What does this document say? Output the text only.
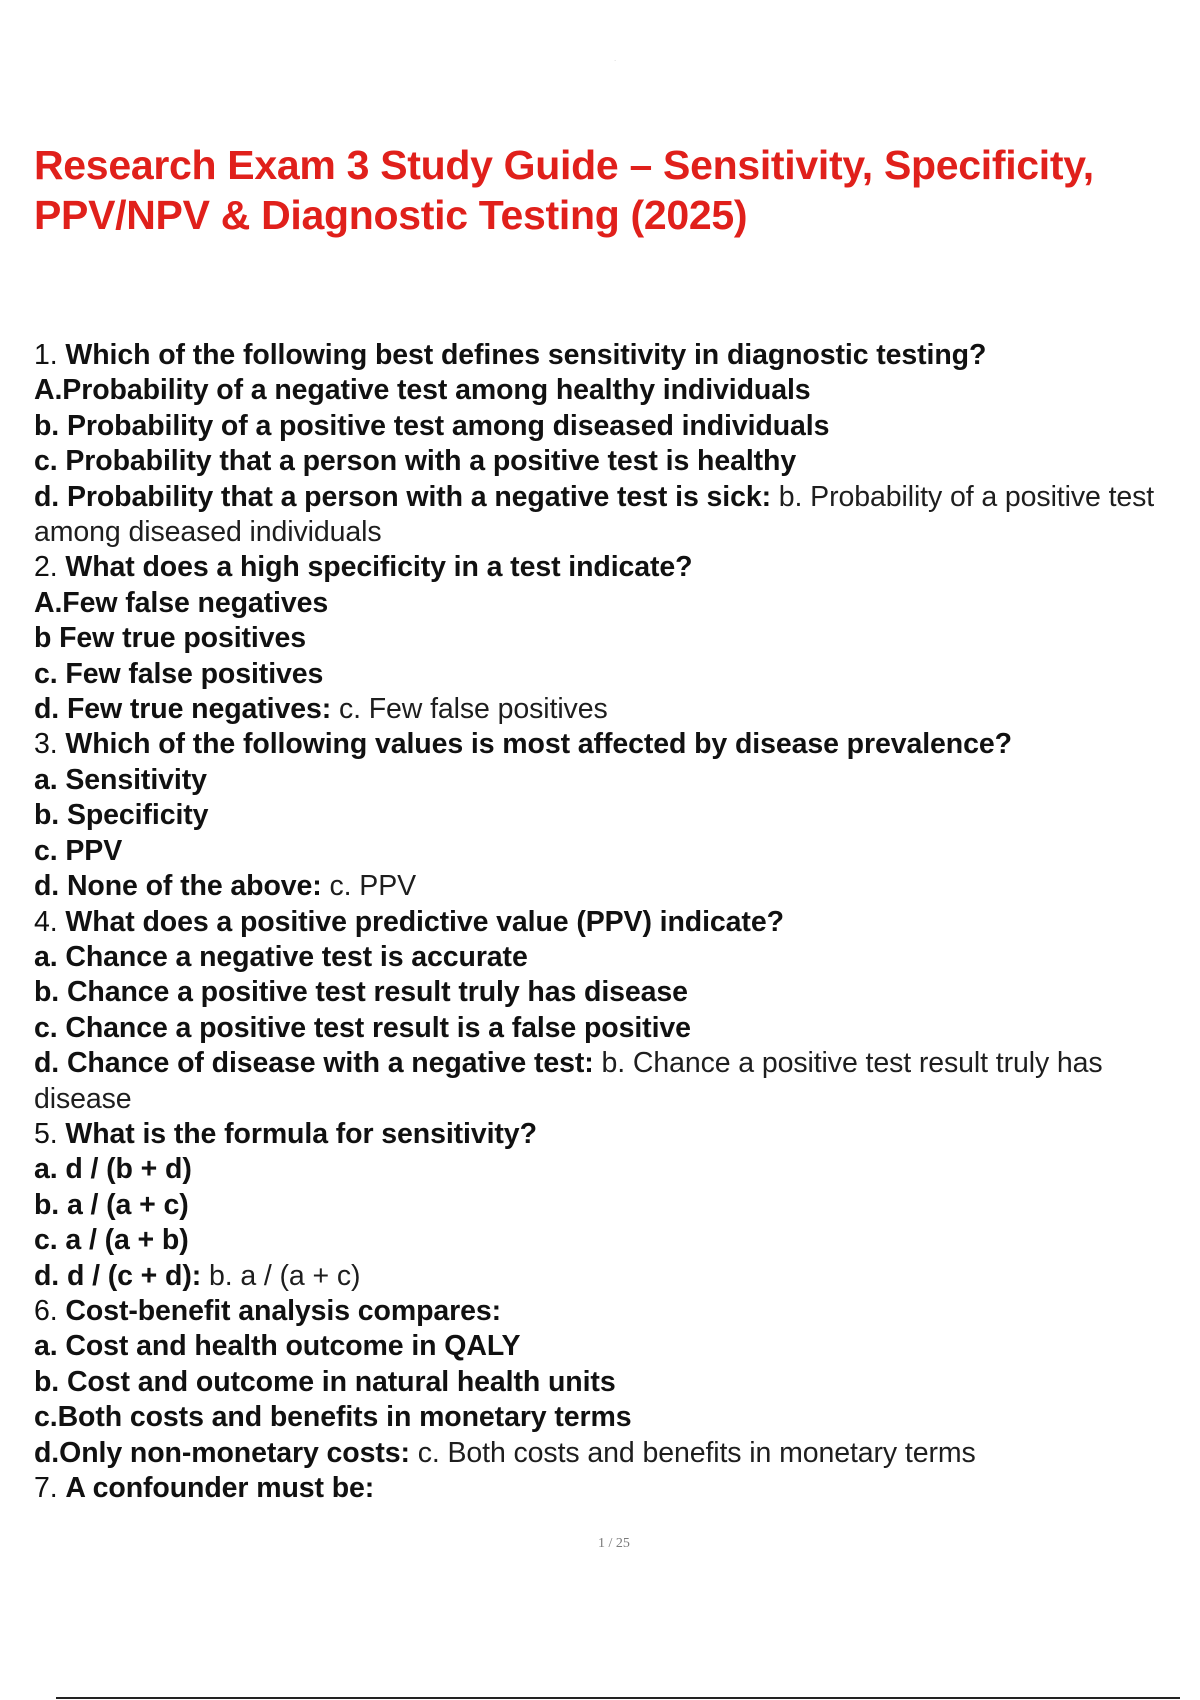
.
Research Exam 3 Study Guide – Sensitivity, Specificity,
PPV/NPV & Diagnostic Testing (2025)
1. Which of the following best defines sensitivity in diagnostic testing?
A.Probability of a negative test among healthy individuals
b. Probability of a positive test among diseased individuals
c. Probability that a person with a positive test is healthy
d. Probability that a person with a negative test is sick: b. Probability of a positive test among diseased individuals
2. What does a high specificity in a test indicate?
A.Few false negatives
b Few true positives
c. Few false positives
d. Few true negatives: c. Few false positives
3. Which of the following values is most affected by disease prevalence?
a. Sensitivity
b. Specificity
c. PPV
d. None of the above: c. PPV
4. What does a positive predictive value (PPV) indicate?
a. Chance a negative test is accurate
b. Chance a positive test result truly has disease
c. Chance a positive test result is a false positive
d. Chance of disease with a negative test: b. Chance a positive test result truly has disease
5. What is the formula for sensitivity?
a. d / (b + d)
b. a / (a + c)
c. a / (a + b)
d. d / (c + d): b. a / (a + c)
6. Cost-benefit analysis compares:
a. Cost and health outcome in QALY
b. Cost and outcome in natural health units
c.Both costs and benefits in monetary terms
d.Only non-monetary costs: c. Both costs and benefits in monetary terms
7. A confounder must be:
1 / 25
